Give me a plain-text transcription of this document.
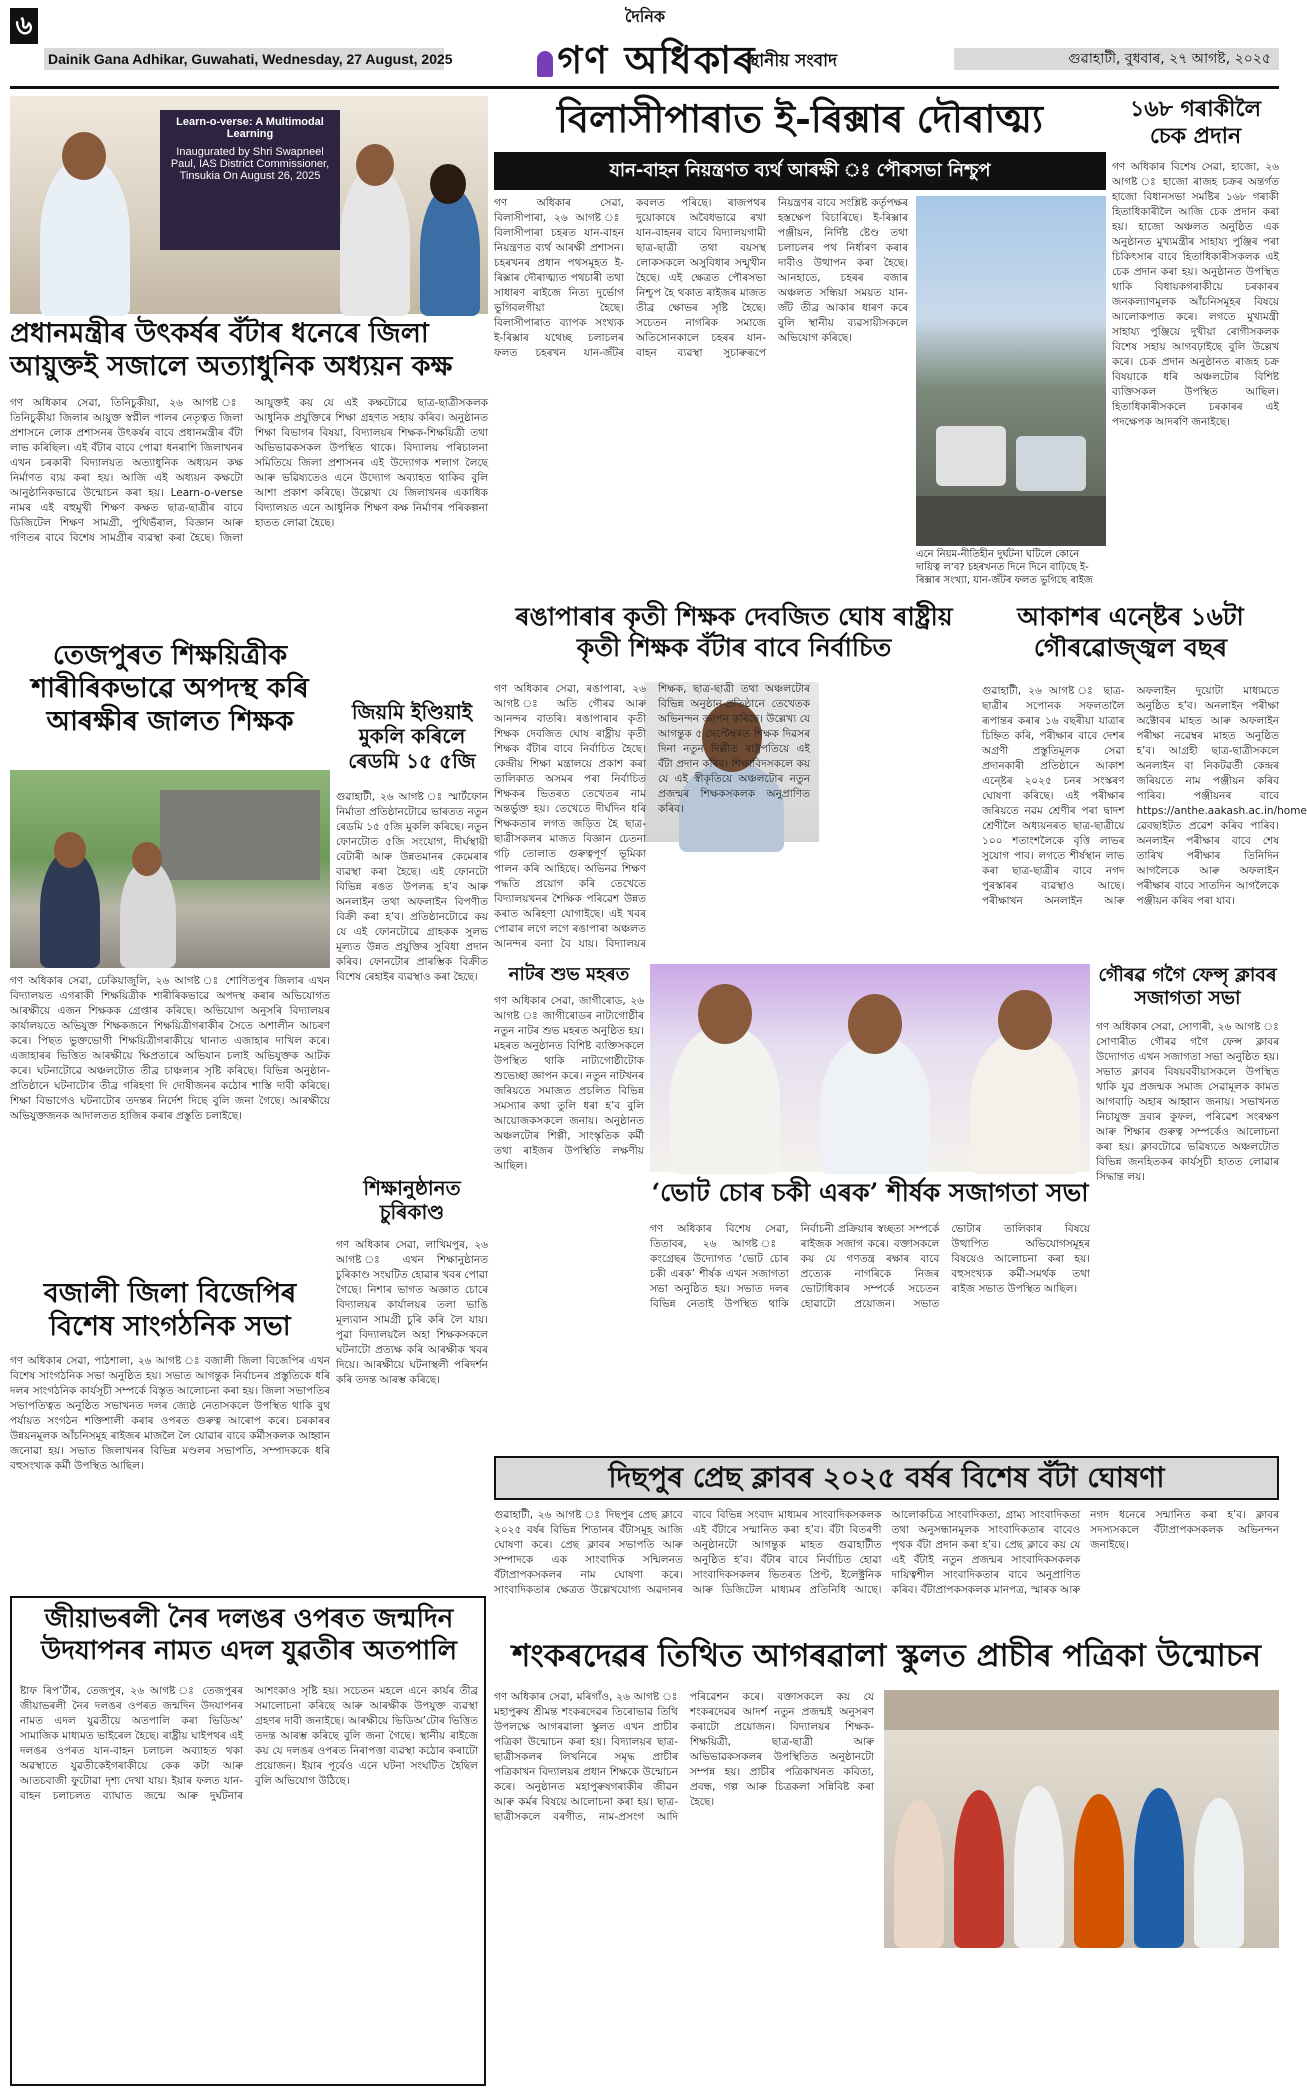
৬
Dainik Gana Adhikar, Guwahati, Wednesday, 27 August, 2025
দৈনিক
গণ অধিকাৰ
স্থানীয় সংবাদ	গুৱাহাটী, বুধবাৰ, ২৭ আগষ্ট, ২০২৫
Learn-o-verse: A Multimodal Learning
Inaugurated by Shri Swapneel Paul, IAS District Commissioner, Tinsukia On August 26, 2025
প্ৰধানমন্ত্ৰীৰ উৎকৰ্ষৰ বঁটাৰ ধনেৰে জিলা আয়ুক্তই সজালে অত্যাধুনিক অধ্যয়ন কক্ষ
গণ অধিকাৰ সেৱা, তিনিচুকীয়া, ২৬ আগষ্ট ঃ তিনিচুকীয়া জিলাৰ আয়ুক্ত স্বপ্নীল পালৰ নেতৃত্বত জিলা প্ৰশাসনে লোক প্ৰশাসনৰ উৎকৰ্ষৰ বাবে প্ৰধানমন্ত্ৰীৰ বঁটা লাভ কৰিছিল। এই বঁটাৰ বাবে পোৱা ধনৰাশি জিলাখনৰ এখন চৰকাৰী বিদ্যালয়ত অত্যাধুনিক অধ্যয়ন কক্ষ নিৰ্মাণত ব্যয় কৰা হয়। আজি এই অধ্যয়ন কক্ষটো আনুষ্ঠানিকভাৱে উন্মোচন কৰা হয়। Learn-o-verse নামৰ এই বহুমুখী শিক্ষণ কক্ষত ছাত্ৰ-ছাত্ৰীৰ বাবে ডিজিটেল শিক্ষণ সামগ্ৰী, পুথিভঁৰাল, বিজ্ঞান আৰু গণিতৰ বাবে বিশেষ সামগ্ৰীৰ ব্যৱস্থা কৰা হৈছে। জিলা আয়ুক্তই কয় যে এই কক্ষটোৱে ছাত্ৰ-ছাত্ৰীসকলক আধুনিক প্ৰযুক্তিৰে শিক্ষা গ্ৰহণত সহায় কৰিব। অনুষ্ঠানত শিক্ষা বিভাগৰ বিষয়া, বিদ্যালয়ৰ শিক্ষক-শিক্ষয়িত্ৰী তথা অভিভাৱকসকল উপস্থিত থাকে। বিদ্যালয় পৰিচালনা সমিতিয়ে জিলা প্ৰশাসনৰ এই উদ্যোগক শলাগ লৈছে আৰু ভৱিষ্যতেও এনে উদ্যোগ অব্যাহত থাকিব বুলি আশা প্ৰকাশ কৰিছে। উল্লেখ্য যে জিলাখনৰ একাধিক বিদ্যালয়ত এনে আধুনিক শিক্ষণ কক্ষ নিৰ্মাণৰ পৰিকল্পনা হাতত লোৱা হৈছে।
বিলাসীপাৰাত ই-ৰিক্সাৰ দৌৰাত্ম্য
যান-বাহন নিয়ন্ত্ৰণত ব্যৰ্থ আৰক্ষী ঃ পৌৰসভা নিশ্চুপ
গণ অধিকাৰ সেৱা, বিলাসীপাৰা, ২৬ আগষ্ট ঃ বিলাসীপাৰা চহৰত যান-বাহন নিয়ন্ত্ৰণত ব্যৰ্থ আৰক্ষী প্ৰশাসন। চহৰখনৰ প্ৰধান পথসমূহত ই-ৰিক্সাৰ দৌৰাত্ম্যত পথচাৰী তথা সাধাৰণ ৰাইজে নিত্য দুৰ্ভোগ ভুগিবলগীয়া হৈছে। বিলাসীপাৰাত ব্যাপক সংখ্যক ই-ৰিক্সাৰ যথেচ্ছ চলাচলৰ ফলত চহৰখন যান-জঁটৰ কবলত পৰিছে। ৰাজপথৰ দুয়োকাষে অবৈধভাৱে ৰখা যান-বাহনৰ বাবে বিদ্যালয়গামী ছাত্ৰ-ছাত্ৰী তথা বয়সস্থ লোকসকলে অসুবিধাৰ সন্মুখীন হৈছে। এই ক্ষেত্ৰত পৌৰসভা নিশ্চুপ হৈ থকাত ৰাইজৰ মাজত তীব্ৰ ক্ষোভৰ সৃষ্টি হৈছে। সচেতন নাগৰিক সমাজে অতিসোনকালে চহৰৰ যান-বাহন ব্যৱস্থা সুচাৰুৰূপে নিয়ন্ত্ৰণৰ বাবে সংশ্লিষ্ট কৰ্তৃপক্ষৰ হস্তক্ষেপ বিচাৰিছে। ই-ৰিক্সাৰ পঞ্জীয়ন, নিৰ্দিষ্ট ষ্টেণ্ড তথা চলাচলৰ পথ নিৰ্ধাৰণ কৰাৰ দাবীও উত্থাপন কৰা হৈছে। আনহাতে, চহৰৰ বজাৰ অঞ্চলত সন্ধিয়া সময়ত যান-জঁট তীব্ৰ আকাৰ ধাৰণ কৰে বুলি স্থানীয় ব্যৱসায়ীসকলে অভিযোগ কৰিছে।
এনে নিয়ম-নীতিহীন দুৰ্ঘটনা ঘটিলে কোনে দায়িত্ব ল’ব? চহৰখনত দিনে দিনে বাঢ়িছে ই-ৰিক্সাৰ সংখ্যা, যান-জঁটৰ ফলত ভুগিছে ৰাইজ
১৬৮ গৰাকীলৈ চেক প্ৰদান
গণ অধিকাৰ বিশেষ সেৱা, হাজো, ২৬ আগষ্ট ঃ হাজো ৰাজহ চক্ৰৰ অন্তৰ্গত হাজো বিধানসভা সমষ্টিৰ ১৬৮ গৰাকী হিতাধিকাৰীলৈ আজি চেক প্ৰদান কৰা হয়। হাজো অঞ্চলত অনুষ্ঠিত এক অনুষ্ঠানত মুখ্যমন্ত্ৰীৰ সাহায্য পুঞ্জিৰ পৰা চিকিৎসাৰ বাবে হিতাধিকাৰীসকলক এই চেক প্ৰদান কৰা হয়। অনুষ্ঠানত উপস্থিত থাকি বিধায়কগৰাকীয়ে চৰকাৰৰ জনকল্যাণমূলক আঁচনিসমূহৰ বিষয়ে আলোকপাত কৰে। লগতে মুখ্যমন্ত্ৰী সাহায্য পুঞ্জিয়ে দুখীয়া ৰোগীসকলক বিশেষ সহায় আগবঢ়াইছে বুলি উল্লেখ কৰে। চেক প্ৰদান অনুষ্ঠানত ৰাজহ চক্ৰ বিষয়াকে ধৰি অঞ্চলটোৰ বিশিষ্ট ব্যক্তিসকল উপস্থিত আছিল। হিতাধিকাৰীসকলে চৰকাৰৰ এই পদক্ষেপক আদৰণি জনাইছে।
ৰঙাপাৰাৰ কৃতী শিক্ষক দেবজিত ঘোষ ৰাষ্ট্ৰীয় কৃতী শিক্ষক বঁটাৰ বাবে নিৰ্বাচিত
গণ অধিকাৰ সেৱা, ৰঙাপাৰা, ২৬ আগষ্ট ঃ অতি গৌৰৱ আৰু আনন্দৰ বাতৰি। ৰঙাপাৰাৰ কৃতী শিক্ষক দেবজিত ঘোষ ৰাষ্ট্ৰীয় কৃতী শিক্ষক বঁটাৰ বাবে নিৰ্বাচিত হৈছে। কেন্দ্ৰীয় শিক্ষা মন্ত্ৰালয়ে প্ৰকাশ কৰা তালিকাত অসমৰ পৰা নিৰ্বাচিত শিক্ষকৰ ভিতৰত তেখেতৰ নাম অন্তৰ্ভুক্ত হয়। তেখেতে দীৰ্ঘদিন ধৰি শিক্ষকতাৰ লগত জড়িত হৈ ছাত্ৰ-ছাত্ৰীসকলৰ মাজত বিজ্ঞান চেতনা গঢ়ি তোলাত গুৰুত্বপূৰ্ণ ভূমিকা পালন কৰি আহিছে। অভিনৱ শিক্ষণ পদ্ধতি প্ৰয়োগ কৰি তেখেতে বিদ্যালয়খনৰ শৈক্ষিক পৰিৱেশ উন্নত কৰাত অৰিহণা যোগাইছে। এই খবৰ পোৱাৰ লগে লগে ৰঙাপাৰা অঞ্চলত আনন্দৰ বন্যা বৈ যায়। বিদ্যালয়ৰ শিক্ষক, ছাত্ৰ-ছাত্ৰী তথা অঞ্চলটোৰ বিভিন্ন অনুষ্ঠান-প্ৰতিষ্ঠানে তেখেতক অভিনন্দন জ্ঞাপন কৰিছে। উল্লেখ্য যে আগন্তুক ৫ ছেপ্টেম্বৰত শিক্ষক দিৱসৰ দিনা নতুন দিল্লীত ৰাষ্ট্ৰপতিয়ে এই বঁটা প্ৰদান কৰিব। শিক্ষাবিদসকলে কয় যে এই স্বীকৃতিয়ে অঞ্চলটোৰ নতুন প্ৰজন্মৰ শিক্ষকসকলক অনুপ্ৰাণিত কৰিব।
আকাশৰ এন্ষ্টেৰ ১৬টা গৌৰৱোজ্জ্বল বছৰ
গুৱাহাটী, ২৬ আগষ্ট ঃ ছাত্ৰ-ছাত্ৰীৰ সপোনক সফলতালৈ ৰূপান্তৰ কৰাৰ ১৬ বছৰীয়া যাত্ৰাৰ চিহ্নিত কৰি, পৰীক্ষাৰ বাবে দেশৰ অগ্ৰণী প্ৰস্তুতিমূলক সেৱা প্ৰদানকাৰী প্ৰতিষ্ঠানে আকাশ এন্ষ্টেৰ ২০২৫ চনৰ সংস্কৰণ ঘোষণা কৰিছে। এই পৰীক্ষাৰ জৰিয়তে নৱম শ্ৰেণীৰ পৰা দ্বাদশ শ্ৰেণীলৈ অধ্যয়নৰত ছাত্ৰ-ছাত্ৰীয়ে ১০০ শতাংশলৈকে বৃত্তি লাভৰ সুযোগ পাব। লগতে শীৰ্ষস্থান লাভ কৰা ছাত্ৰ-ছাত্ৰীৰ বাবে নগদ পুৰস্কাৰৰ ব্যৱস্থাও আছে। পৰীক্ষাখন অনলাইন আৰু অফলাইন দুয়োটা মাধ্যমতে অনুষ্ঠিত হ’ব। অনলাইন পৰীক্ষা অক্টোবৰ মাহত আৰু অফলাইন পৰীক্ষা নৱেম্বৰ মাহত অনুষ্ঠিত হ’ব। আগ্ৰহী ছাত্ৰ-ছাত্ৰীসকলে অনলাইন বা নিকটৱৰ্তী কেন্দ্ৰৰ জৰিয়তে নাম পঞ্জীয়ন কৰিব পাৰিব। পঞ্জীয়নৰ বাবে https://anthe.aakash.ac.in/home ৱেবছাইটত প্ৰৱেশ কৰিব পাৰিব। অনলাইন পৰীক্ষাৰ বাবে শেষ তাৰিখ পৰীক্ষাৰ তিনিদিন আগলৈকে আৰু অফলাইন পৰীক্ষাৰ বাবে সাতদিন আগলৈকে পঞ্জীয়ন কৰিব পৰা যাব।
তেজপুৰত শিক্ষয়িত্ৰীক শাৰীৰিকভাৱে অপদস্থ কৰি আৰক্ষীৰ জালত শিক্ষক
গণ অধিকাৰ সেৱা, ঢেকিয়াজুলি, ২৬ আগষ্ট ঃ শোণিতপুৰ জিলাৰ এখন বিদ্যালয়ত এগৰাকী শিক্ষয়িত্ৰীক শাৰীৰিকভাৱে অপদস্থ কৰাৰ অভিযোগত আৰক্ষীয়ে এজন শিক্ষকক গ্ৰেপ্তাৰ কৰিছে। অভিযোগ অনুসৰি বিদ্যালয়ৰ কাৰ্যালয়তে অভিযুক্ত শিক্ষকজনে শিক্ষয়িত্ৰীগৰাকীৰ সৈতে অশালীন আচৰণ কৰে। পিছত ভুক্তভোগী শিক্ষয়িত্ৰীগৰাকীয়ে থানাত এজাহাৰ দাখিল কৰে। এজাহাৰৰ ভিত্তিত আৰক্ষীয়ে ক্ষিপ্ৰতাৰে অভিযান চলাই অভিযুক্তক আটক কৰে। ঘটনাটোৱে অঞ্চলটোত তীব্ৰ চাঞ্চল্যৰ সৃষ্টি কৰিছে। বিভিন্ন অনুষ্ঠান-প্ৰতিষ্ঠানে ঘটনাটোৰ তীব্ৰ গৰিহণা দি দোষীজনৰ কঠোৰ শাস্তি দাবী কৰিছে। শিক্ষা বিভাগেও ঘটনাটোৰ তদন্তৰ নিৰ্দেশ দিছে বুলি জনা গৈছে। আৰক্ষীয়ে অভিযুক্তজনক আদালতত হাজিৰ কৰাৰ প্ৰস্তুতি চলাইছে।
জিয়মি ইণ্ডিয়াই মুকলি কৰিলে ৰেডমি ১৫ ৫জি
গুৱাহাটী, ২৬ আগষ্ট ঃ স্মাৰ্টফোন নিৰ্মাতা প্ৰতিষ্ঠানটোৱে ভাৰতত নতুন ৰেডমি ১৫ ৫জি মুকলি কৰিছে। নতুন ফোনটোত ৫জি সংযোগ, দীৰ্ঘস্থায়ী বেটাৰী আৰু উন্নতমানৰ কেমেৰাৰ ব্যৱস্থা কৰা হৈছে। এই ফোনটো বিভিন্ন ৰঙত উপলব্ধ হ’ব আৰু অনলাইন তথা অফলাইন বিপণীত বিক্ৰী কৰা হ’ব। প্ৰতিষ্ঠানটোৱে কয় যে এই ফোনটোৱে গ্ৰাহকক সুলভ মূল্যত উন্নত প্ৰযুক্তিৰ সুবিধা প্ৰদান কৰিব। ফোনটোৰ প্ৰাৰম্ভিক বিক্ৰীত বিশেষ ৰেহাইৰ ব্যৱস্থাও কৰা হৈছে।
শিক্ষানুষ্ঠানত চুৰিকাণ্ড
গণ অধিকাৰ সেৱা, লাখিমপুৰ, ২৬ আগষ্ট ঃ এখন শিক্ষানুষ্ঠানত চুৰিকাণ্ড সংঘটিত হোৱাৰ খবৰ পোৱা গৈছে। নিশাৰ ভাগত অজ্ঞাত চোৰে বিদ্যালয়ৰ কাৰ্যালয়ৰ তলা ভাঙি মূল্যবান সামগ্ৰী চুৰি কৰি লৈ যায়। পুৱা বিদ্যালয়লৈ অহা শিক্ষকসকলে ঘটনাটো প্ৰত্যক্ষ কৰি আৰক্ষীক খবৰ দিয়ে। আৰক্ষীয়ে ঘটনাস্থলী পৰিদৰ্শন কৰি তদন্ত আৰম্ভ কৰিছে।
বজালী জিলা বিজেপিৰ বিশেষ সাংগঠনিক সভা
গণ অধিকাৰ সেৱা, পাঠশালা, ২৬ আগষ্ট ঃ বজালী জিলা বিজেপিৰ এখন বিশেষ সাংগঠনিক সভা অনুষ্ঠিত হয়। সভাত আগন্তুক নিৰ্বাচনৰ প্ৰস্তুতিকে ধৰি দলৰ সাংগঠনিক কাৰ্যসূচী সম্পৰ্কে বিস্তৃত আলোচনা কৰা হয়। জিলা সভাপতিৰ সভাপতিত্বত অনুষ্ঠিত সভাখনত দলৰ জ্যেষ্ঠ নেতাসকলে উপস্থিত থাকি বুথ পৰ্যায়ত সংগঠন শক্তিশালী কৰাৰ ওপৰত গুৰুত্ব আৰোপ কৰে। চৰকাৰৰ উন্নয়নমূলক আঁচনিসমূহ ৰাইজৰ মাজলৈ লৈ যোৱাৰ বাবে কৰ্মীসকলক আহ্বান জনোৱা হয়। সভাত জিলাখনৰ বিভিন্ন মণ্ডলৰ সভাপতি, সম্পাদককে ধৰি বহুসংখ্যক কৰ্মী উপস্থিত আছিল।
নাটৰ শুভ মহৰত
গণ অধিকাৰ সেৱা, জাগীৰোড, ২৬ আগষ্ট ঃ জাগীৰোডৰ নাট্যগোষ্ঠীৰ নতুন নাটৰ শুভ মহৰত অনুষ্ঠিত হয়। মহৰত অনুষ্ঠানত বিশিষ্ট ব্যক্তিসকলে উপস্থিত থাকি নাট্যগোষ্ঠীটোক শুভেচ্ছা জ্ঞাপন কৰে। নতুন নাটখনৰ জৰিয়তে সমাজত প্ৰচলিত বিভিন্ন সমস্যাৰ কথা তুলি ধৰা হ’ব বুলি আয়োজকসকলে জনায়। অনুষ্ঠানত অঞ্চলটোৰ শিল্পী, সাংস্কৃতিক কৰ্মী তথা ৰাইজৰ উপস্থিতি লক্ষণীয় আছিল।
‘ভোট চোৰ চকী এৰক’ শীৰ্ষক সজাগতা সভা
গণ অধিকাৰ বিশেষ সেৱা, তিতাবৰ, ২৬ আগষ্ট ঃ কংগ্ৰেছৰ উদ্যোগত ‘ভোট চোৰ চকী এৰক’ শীৰ্ষক এখন সজাগতা সভা অনুষ্ঠিত হয়। সভাত দলৰ বিভিন্ন নেতাই উপস্থিত থাকি নিৰ্বাচনী প্ৰক্ৰিয়াৰ স্বচ্ছতা সম্পৰ্কে ৰাইজক সজাগ কৰে। বক্তাসকলে কয় যে গণতন্ত্ৰ ৰক্ষাৰ বাবে প্ৰত্যেক নাগৰিকে নিজৰ ভোটাধিকাৰ সম্পৰ্কে সচেতন হোৱাটো প্ৰয়োজন। সভাত ভোটাৰ তালিকাৰ বিষয়ে উত্থাপিত অভিযোগসমূহৰ বিষয়েও আলোচনা কৰা হয়। বহুসংখ্যক কৰ্মী-সমৰ্থক তথা ৰাইজ সভাত উপস্থিত আছিল।
গৌৰৱ গগৈ ফেন্সৃ ক্লাবৰ সজাগতা সভা
গণ অধিকাৰ সেৱা, সোণাৰী, ২৬ আগষ্ট ঃ সোণাৰীত গৌৰৱ গগৈ ফেন্স ক্লাবৰ উদ্যোগত এখন সজাগতা সভা অনুষ্ঠিত হয়। সভাত ক্লাবৰ বিষয়ববীয়াসকলে উপস্থিত থাকি যুৱ প্ৰজন্মক সমাজ সেৱামূলক কামত আগবাঢ়ি অহাৰ আহ্বান জনায়। সভাখনত নিচাযুক্ত দ্ৰব্যৰ কুফল, পৰিৱেশ সংৰক্ষণ আৰু শিক্ষাৰ গুৰুত্ব সম্পৰ্কেও আলোচনা কৰা হয়। ক্লাবটোৱে ভৱিষ্যতে অঞ্চলটোত বিভিন্ন জনহিতকৰ কাৰ্যসূচী হাতত লোৱাৰ সিদ্ধান্ত লয়।
দিছপুৰ প্ৰেছ ক্লাবৰ ২০২৫ বৰ্ষৰ বিশেষ বঁটা ঘোষণা
গুৱাহাটী, ২৬ আগষ্ট ঃ দিছপুৰ প্ৰেছ ক্লাবে ২০২৫ বৰ্ষৰ বিভিন্ন শিতানৰ বঁটাসমূহ আজি ঘোষণা কৰে। প্ৰেছ ক্লাবৰ সভাপতি আৰু সম্পাদকে এক সাংবাদিক সন্মিলনত বঁটাপ্ৰাপকসকলৰ নাম ঘোষণা কৰে। সাংবাদিকতাৰ ক্ষেত্ৰত উল্লেখযোগ্য অৱদানৰ বাবে বিভিন্ন সংবাদ মাধ্যমৰ সাংবাদিকসকলক এই বঁটাৰে সন্মানিত কৰা হ’ব। বঁটা বিতৰণী অনুষ্ঠানটো আগন্তুক মাহত গুৱাহাটীত অনুষ্ঠিত হ’ব। বঁটাৰ বাবে নিৰ্বাচিত হোৱা সাংবাদিকসকলৰ ভিতৰত প্ৰিণ্ট, ইলেক্ট্ৰনিক আৰু ডিজিটেল মাধ্যমৰ প্ৰতিনিধি আছে। আলোকচিত্ৰ সাংবাদিকতা, গ্ৰাম্য সাংবাদিকতা তথা অনুসন্ধানমূলক সাংবাদিকতাৰ বাবেও পৃথক বঁটা প্ৰদান কৰা হ’ব। প্ৰেছ ক্লাবে কয় যে এই বঁটাই নতুন প্ৰজন্মৰ সাংবাদিকসকলক দায়িত্বশীল সাংবাদিকতাৰ বাবে অনুপ্ৰাণিত কৰিব। বঁটাপ্ৰাপকসকলক মানপত্ৰ, স্মাৰক আৰু নগদ ধনেৰে সন্মানিত কৰা হ’ব। ক্লাবৰ সদস্যসকলে বঁটাপ্ৰাপকসকলক অভিনন্দন জনাইছে।
জীয়াভৰলী নৈৰ দলঙৰ ওপৰত জন্মদিন উদযাপনৰ নামত এদল যুৱতীৰ অতপালি
ষ্টাফ ৰিপ’ৰ্টাৰ, তেজপুৰ, ২৬ আগষ্ট ঃ তেজপুৰৰ জীয়াভৰলী নৈৰ দলঙৰ ওপৰত জন্মদিন উদযাপনৰ নামত এদল যুৱতীয়ে অতপালি কৰা ভিডিঅ’ সামাজিক মাধ্যমত ভাইৰেল হৈছে। ৰাষ্ট্ৰীয় ঘাইপথৰ এই দলঙৰ ওপৰত যান-বাহন চলাচল অব্যাহত থকা অৱস্থাতে যুৱতীকেইগৰাকীয়ে কেক কটা আৰু আতচবাজী ফুটোৱা দৃশ্য দেখা যায়। ইয়াৰ ফলত যান-বাহন চলাচলত ব্যাঘাত জন্মে আৰু দুৰ্ঘটনাৰ আশংকাও সৃষ্টি হয়। সচেতন মহলে এনে কাৰ্যৰ তীব্ৰ সমালোচনা কৰিছে আৰু আৰক্ষীক উপযুক্ত ব্যৱস্থা গ্ৰহণৰ দাবী জনাইছে। আৰক্ষীয়ে ভিডিঅ’টোৰ ভিত্তিত তদন্ত আৰম্ভ কৰিছে বুলি জনা গৈছে। স্থানীয় ৰাইজে কয় যে দলঙৰ ওপৰত নিৰাপত্তা ব্যৱস্থা কঠোৰ কৰাটো প্ৰয়োজন। ইয়াৰ পূৰ্বেও এনে ঘটনা সংঘটিত হৈছিল বুলি অভিযোগ উঠিছে।
শংকৰদেৱৰ তিথিত আগৰৱালা স্কুলত প্ৰাচীৰ পত্ৰিকা উন্মোচন
গণ অধিকাৰ সেৱা, মৰিগাঁও, ২৬ আগষ্ট ঃ মহাপুৰুষ শ্ৰীমন্ত শংকৰদেৱৰ তিৰোভাৱ তিথি উপলক্ষে আগৰৱালা স্কুলত এখন প্ৰাচীৰ পত্ৰিকা উন্মোচন কৰা হয়। বিদ্যালয়ৰ ছাত্ৰ-ছাত্ৰীসকলৰ লিখনিৰে সমৃদ্ধ প্ৰাচীৰ পত্ৰিকাখন বিদ্যালয়ৰ প্ৰধান শিক্ষকে উন্মোচন কৰে। অনুষ্ঠানত মহাপুৰুষগৰাকীৰ জীৱন আৰু কৰ্মৰ বিষয়ে আলোচনা কৰা হয়। ছাত্ৰ-ছাত্ৰীসকলে বৰগীত, নাম-প্ৰসংগ আদি পৰিৱেশন কৰে। বক্তাসকলে কয় যে শংকৰদেৱৰ আদৰ্শ নতুন প্ৰজন্মই অনুসৰণ কৰাটো প্ৰয়োজন। বিদ্যালয়ৰ শিক্ষক-শিক্ষয়িত্ৰী, ছাত্ৰ-ছাত্ৰী আৰু অভিভাৱকসকলৰ উপস্থিতিত অনুষ্ঠানটো সম্পন্ন হয়। প্ৰাচীৰ পত্ৰিকাখনত কবিতা, প্ৰবন্ধ, গল্প আৰু চিত্ৰকলা সন্নিবিষ্ট কৰা হৈছে।
